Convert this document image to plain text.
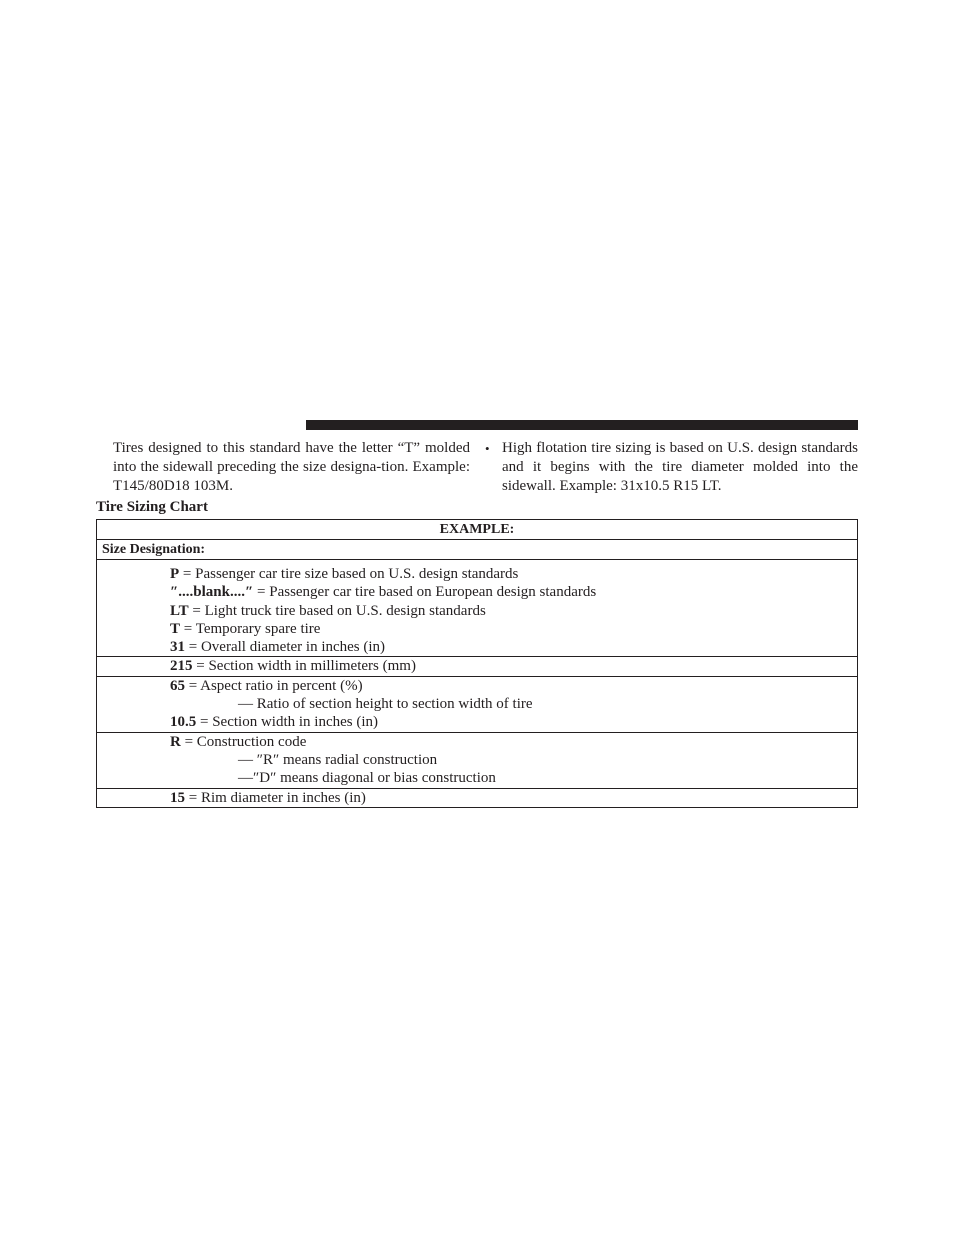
Tires designed to this standard have the letter “T” molded into the sidewall preceding the size designa-tion. Example: T145/80D18 103M.
• High flotation tire sizing is based on U.S. design standards and it begins with the tire diameter molded into the sidewall. Example: 31x10.5 R15 LT.
Tire Sizing Chart
EXAMPLE:
Size Designation:

P = Passenger car tire size based on U.S. design standards
″....blank....″ = Passenger car tire based on European design standards
LT = Light truck tire based on U.S. design standards
T = Temporary spare tire
31 = Overall diameter in inches (in)

215 = Section width in millimeters (mm)

65 = Aspect ratio in percent (%)
— Ratio of section height to section width of tire
10.5 = Section width in inches (in)

R = Construction code
— ″R″ means radial construction
—″D″ means diagonal or bias construction

15 = Rim diameter in inches (in)
